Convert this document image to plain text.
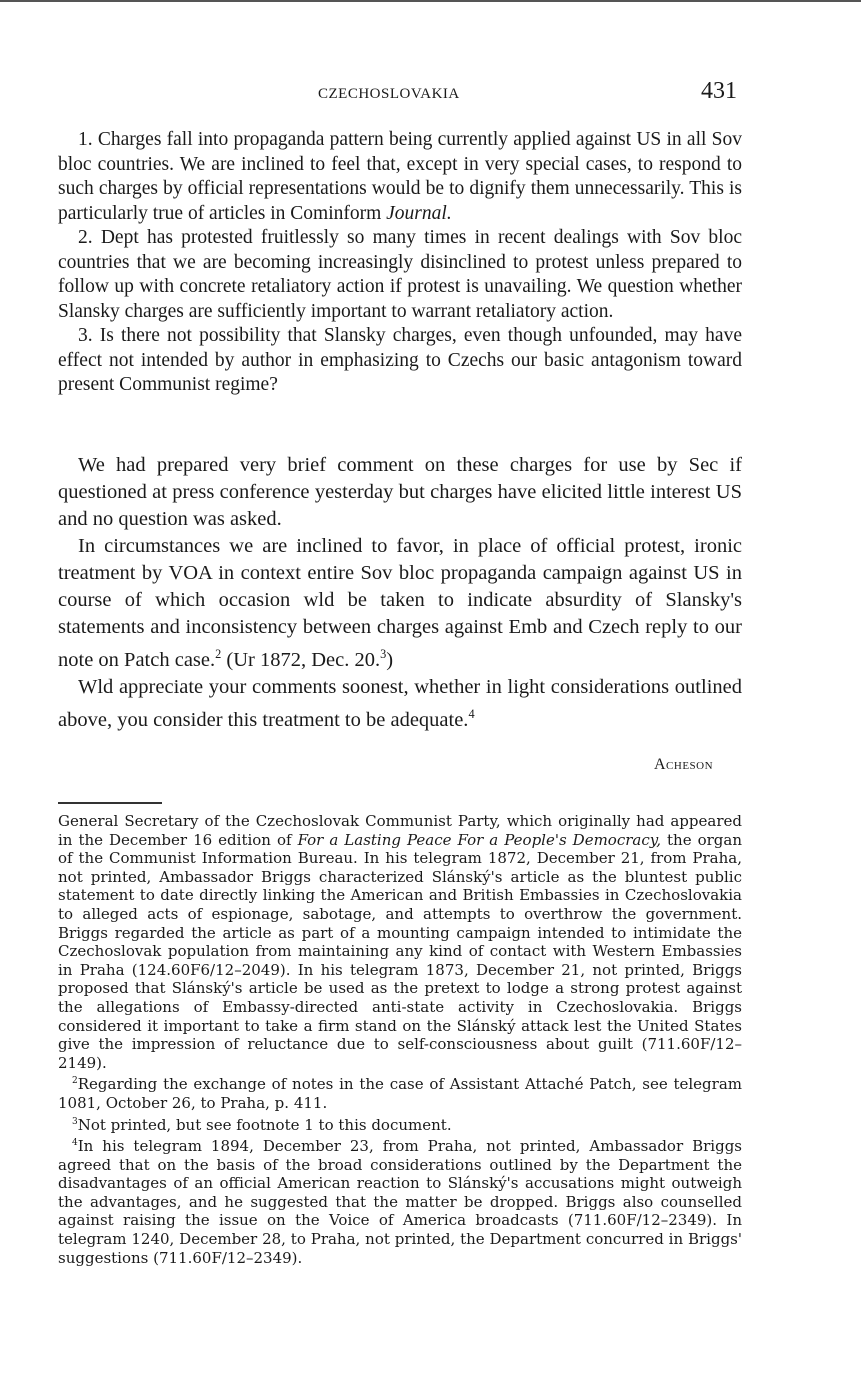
CZECHOSLOVAKIA	431

1. Charges fall into propaganda pattern being currently applied against US in all Sov bloc countries. We are inclined to feel that, except in very special cases, to respond to such charges by official representations would be to dignify them unnecessarily. This is particularly true of articles in Cominform Journal.

2. Dept has protested fruitlessly so many times in recent dealings with Sov bloc countries that we are becoming increasingly disinclined to protest unless prepared to follow up with concrete retaliatory action if protest is unavailing. We question whether Slansky charges are sufficiently important to warrant retaliatory action.

3. Is there not possibility that Slansky charges, even though unfounded, may have effect not intended by author in emphasizing to Czechs our basic antagonism toward present Communist regime?

We had prepared very brief comment on these charges for use by Sec if questioned at press conference yesterday but charges have elicited little interest US and no question was asked.

In circumstances we are inclined to favor, in place of official protest, ironic treatment by VOA in context entire Sov bloc propaganda campaign against US in course of which occasion wld be taken to indicate absurdity of Slansky's statements and inconsistency between charges against Emb and Czech reply to our note on Patch case.$^2$ (Ur 1872, Dec. 20.$^3$)

Wld appreciate your comments soonest, whether in light considerations outlined above, you consider this treatment to be adequate.$^4$

Acheson

General Secretary of the Czechoslovak Communist Party, which originally had appeared in the December 16 edition of For a Lasting Peace For a People's Democracy, the organ of the Communist Information Bureau. In his telegram 1872, December 21, from Praha, not printed, Ambassador Briggs characterized Slánský's article as the bluntest public statement to date directly linking the American and British Embassies in Czechoslovakia to alleged acts of espionage, sabotage, and attempts to overthrow the government. Briggs regarded the article as part of a mounting campaign intended to intimidate the Czechoslovak population from maintaining any kind of contact with Western Embassies in Praha (124.60F6/12–2049). In his telegram 1873, December 21, not printed, Briggs proposed that Slánský's article be used as the pretext to lodge a strong protest against the allegations of Embassy-directed anti-state activity in Czechoslovakia. Briggs considered it important to take a firm stand on the Slánský attack lest the United States give the impression of reluctance due to self-consciousness about guilt (711.60F/12–2149).

$^2$Regarding the exchange of notes in the case of Assistant Attaché Patch, see telegram 1081, October 26, to Praha, p. 411.

$^3$Not printed, but see footnote 1 to this document.

$^4$In his telegram 1894, December 23, from Praha, not printed, Ambassador Briggs agreed that on the basis of the broad considerations outlined by the Department the disadvantages of an official American reaction to Slánský's accusations might outweigh the advantages, and he suggested that the matter be dropped. Briggs also counselled against raising the issue on the Voice of America broadcasts (711.60F/12–2349). In telegram 1240, December 28, to Praha, not printed, the Department concurred in Briggs' suggestions (711.60F/12–2349).
